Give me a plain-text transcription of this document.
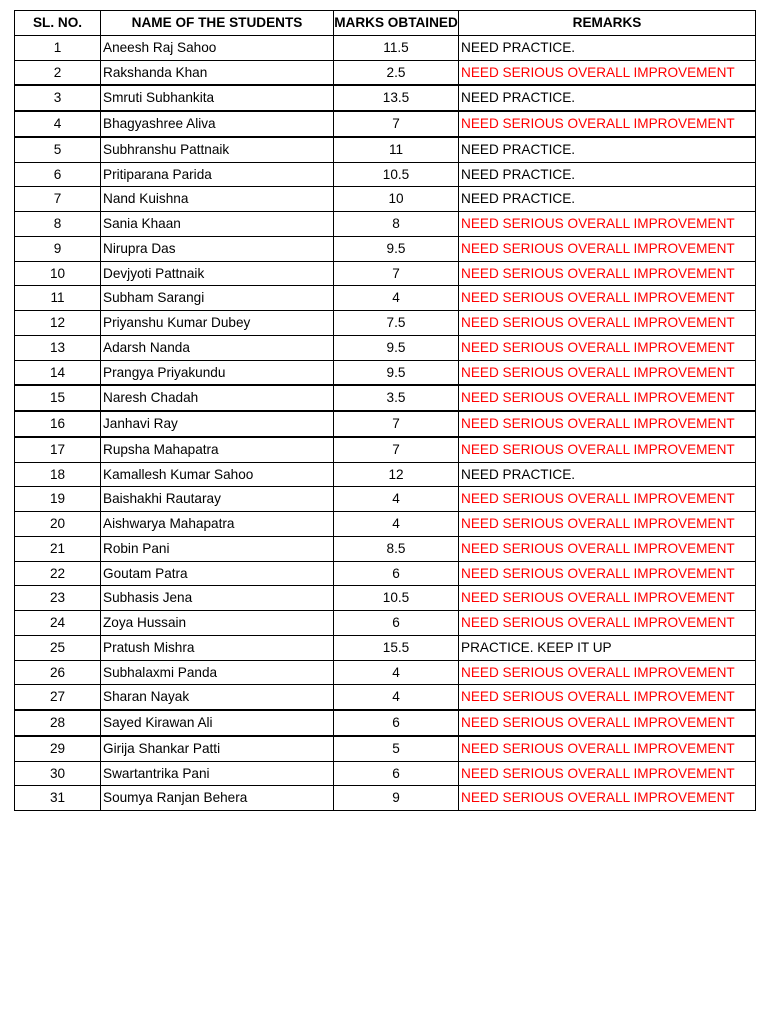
SL. NO.	NAME OF THE STUDENTS	MARKS OBTAINED	REMARKS
1	Aneesh Raj Sahoo	11.5	NEED PRACTICE.
2	Rakshanda Khan	2.5	NEED SERIOUS OVERALL IMPROVEMENT
3	Smruti Subhankita	13.5	NEED PRACTICE.
4	Bhagyashree Aliva	7	NEED SERIOUS OVERALL IMPROVEMENT
5	Subhranshu Pattnaik	11	NEED PRACTICE.
6	Pritiparana Parida	10.5	NEED PRACTICE.
7	Nand Kuishna	10	NEED PRACTICE.
8	Sania Khaan	8	NEED SERIOUS OVERALL IMPROVEMENT
9	Nirupra Das	9.5	NEED SERIOUS OVERALL IMPROVEMENT
10	Devjyoti Pattnaik	7	NEED SERIOUS OVERALL IMPROVEMENT
11	Subham Sarangi	4	NEED SERIOUS OVERALL IMPROVEMENT
12	Priyanshu Kumar Dubey	7.5	NEED SERIOUS OVERALL IMPROVEMENT
13	Adarsh Nanda	9.5	NEED SERIOUS OVERALL IMPROVEMENT
14	Prangya Priyakundu	9.5	NEED SERIOUS OVERALL IMPROVEMENT
15	Naresh Chadah	3.5	NEED SERIOUS OVERALL IMPROVEMENT
16	Janhavi Ray	7	NEED SERIOUS OVERALL IMPROVEMENT
17	Rupsha Mahapatra	7	NEED SERIOUS OVERALL IMPROVEMENT
18	Kamallesh Kumar Sahoo	12	NEED PRACTICE.
19	Baishakhi Rautaray	4	NEED SERIOUS OVERALL IMPROVEMENT
20	Aishwarya Mahapatra	4	NEED SERIOUS OVERALL IMPROVEMENT
21	Robin Pani	8.5	NEED SERIOUS OVERALL IMPROVEMENT
22	Goutam Patra	6	NEED SERIOUS OVERALL IMPROVEMENT
23	Subhasis Jena	10.5	NEED SERIOUS OVERALL IMPROVEMENT
24	Zoya Hussain	6	NEED SERIOUS OVERALL IMPROVEMENT
25	Pratush Mishra	15.5	PRACTICE. KEEP IT UP
26	Subhalaxmi Panda	4	NEED SERIOUS OVERALL IMPROVEMENT
27	Sharan Nayak	4	NEED SERIOUS OVERALL IMPROVEMENT
28	Sayed Kirawan Ali	6	NEED SERIOUS OVERALL IMPROVEMENT
29	Girija Shankar Patti	5	NEED SERIOUS OVERALL IMPROVEMENT
30	Swartantrika Pani	6	NEED SERIOUS OVERALL IMPROVEMENT
31	Soumya Ranjan Behera	9	NEED SERIOUS OVERALL IMPROVEMENT
